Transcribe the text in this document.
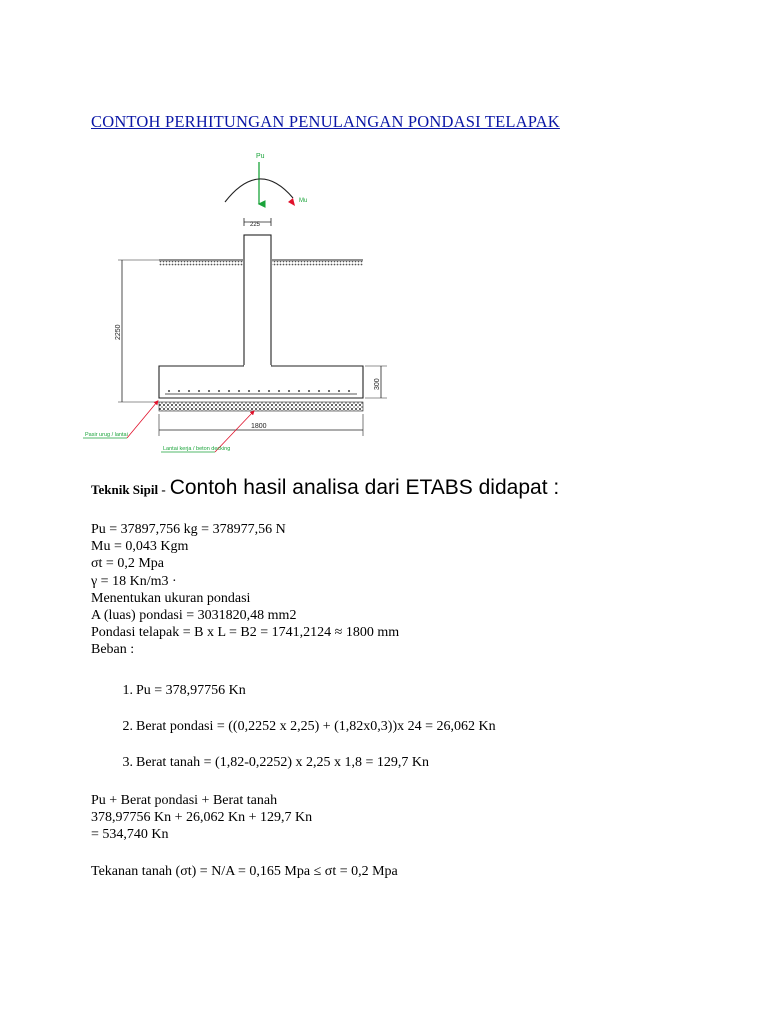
CONTOH PERHITUNGAN PENULANGAN PONDASI TELAPAK
Pu
Mu
225
2250
300
1800
Pasir urug / lantai
Lantai kerja / beton decking
Teknik Sipil - Contoh hasil analisa dari ETABS didapat :
Pu = 37897,756 kg = 378977,56 N
Mu = 0,043 Kgm
σt = 0,2 Mpa
γ = 18 Kn/m3 ·
Menentukan ukuran pondasi
A (luas) pondasi = 3031820,48 mm2
Pondasi telapak = B x L = B2 = 1741,2124 ≈ 1800 mm
Beban :
1. Pu = 378,97756 Kn
2. Berat pondasi = ((0,2252 x 2,25) + (1,82x0,3))x 24 = 26,062 Kn
3. Berat tanah = (1,82-0,2252) x 2,25 x 1,8 = 129,7 Kn
Pu + Berat pondasi + Berat tanah
378,97756 Kn + 26,062 Kn + 129,7 Kn
= 534,740 Kn
Tekanan tanah (σt) = N/A = 0,165 Mpa ≤ σt = 0,2 Mpa
